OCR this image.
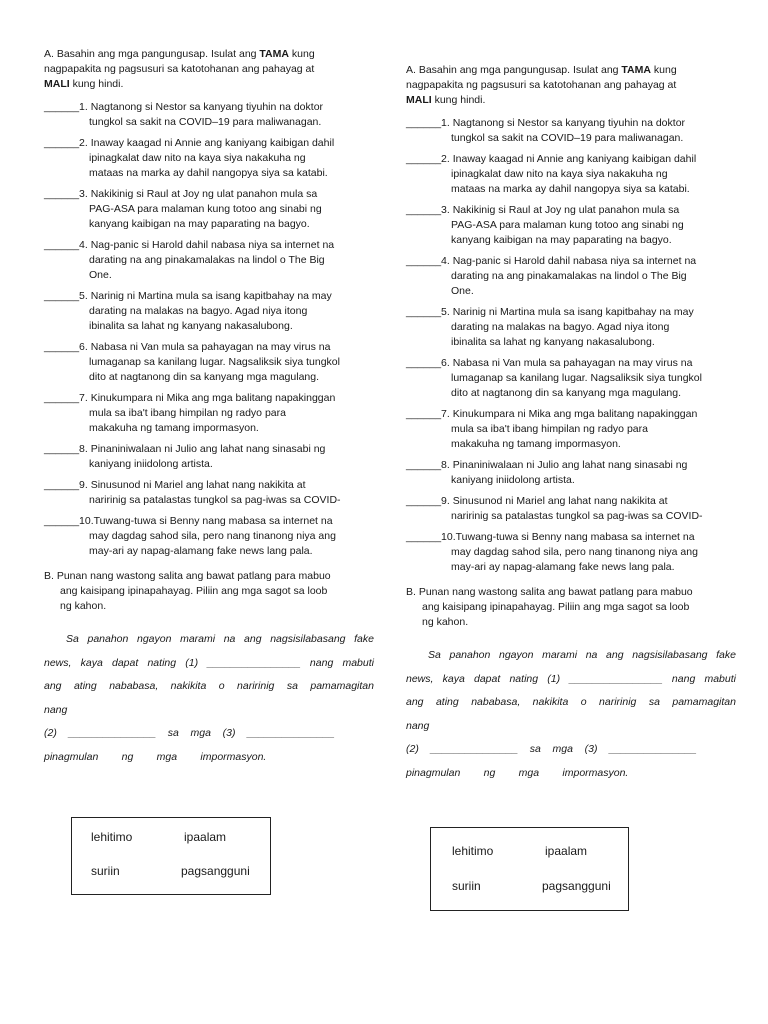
A. Basahin ang mga pangungusap. Isulat ang TAMA kung
nagpapakita ng pagsusuri sa katotohanan ang pahayag at
MALI kung hindi.
______1. Nagtanong si Nestor sa kanyang tiyuhin na doktor
tungkol sa sakit na COVID–19 para maliwanagan.
______2. Inaway kaagad ni Annie ang kaniyang kaibigan dahil
ipinagkalat daw nito na kaya siya nakakuha ng
mataas na marka ay dahil nangopya siya sa katabi.
______3. Nakikinig si Raul at Joy ng ulat panahon mula sa
PAG-ASA para malaman kung totoo ang sinabi ng
kanyang kaibigan na may paparating na bagyo.
______4. Nag-panic si Harold dahil nabasa niya sa internet na
darating na ang pinakamalakas na lindol o The Big
One.
______5. Narinig ni Martina mula sa isang kapitbahay na may
darating na malakas na bagyo. Agad niya itong
ibinalita sa lahat ng kanyang nakasalubong.
______6. Nabasa ni Van mula sa pahayagan na may virus na
lumaganap sa kanilang lugar. Nagsaliksik siya tungkol
dito at nagtanong din sa kanyang mga magulang.
______7. Kinukumpara ni Mika ang mga balitang napakinggan
mula sa iba't ibang himpilan ng radyo para
makakuha ng tamang impormasyon.
______8. Pinaniniwalaan ni Julio ang lahat nang sinasabi ng
kaniyang iniidolong artista.
______9. Sinusunod ni Mariel ang lahat nang nakikita at
naririnig sa patalastas tungkol sa pag-iwas sa COVID-
______10.Tuwang-tuwa si Benny nang mabasa sa internet na
may dagdag sahod sila, pero nang tinanong niya ang
may-ari ay napag-alamang fake news lang pala.
B. Punan nang wastong salita ang bawat patlang para mabuo
ang kaisipang ipinapahayag. Piliin ang mga sagot sa loob
ng kahon.

Sa panahon ngayon marami na ang nagsisilabasang fake

news, kaya dapat nating (1) ________________ nang mabuti

ang ating nababasa, nakikita o naririnig sa pamamagitan

nang

(2)    _______________    sa    mga    (3)    _______________

pinagmulan        ng        mga        impormasyon.

lehitimo	ipaalam
suriin	pagsangguni
A. Basahin ang mga pangungusap. Isulat ang TAMA kung
nagpapakita ng pagsusuri sa katotohanan ang pahayag at
MALI kung hindi.
______1. Nagtanong si Nestor sa kanyang tiyuhin na doktor
tungkol sa sakit na COVID–19 para maliwanagan.
______2. Inaway kaagad ni Annie ang kaniyang kaibigan dahil
ipinagkalat daw nito na kaya siya nakakuha ng
mataas na marka ay dahil nangopya siya sa katabi.
______3. Nakikinig si Raul at Joy ng ulat panahon mula sa
PAG-ASA para malaman kung totoo ang sinabi ng
kanyang kaibigan na may paparating na bagyo.
______4. Nag-panic si Harold dahil nabasa niya sa internet na
darating na ang pinakamalakas na lindol o The Big
One.
______5. Narinig ni Martina mula sa isang kapitbahay na may
darating na malakas na bagyo. Agad niya itong
ibinalita sa lahat ng kanyang nakasalubong.
______6. Nabasa ni Van mula sa pahayagan na may virus na
lumaganap sa kanilang lugar. Nagsaliksik siya tungkol
dito at nagtanong din sa kanyang mga magulang.
______7. Kinukumpara ni Mika ang mga balitang napakinggan
mula sa iba't ibang himpilan ng radyo para
makakuha ng tamang impormasyon.
______8. Pinaniniwalaan ni Julio ang lahat nang sinasabi ng
kaniyang iniidolong artista.
______9. Sinusunod ni Mariel ang lahat nang nakikita at
naririnig sa patalastas tungkol sa pag-iwas sa COVID-
______10.Tuwang-tuwa si Benny nang mabasa sa internet na
may dagdag sahod sila, pero nang tinanong niya ang
may-ari ay napag-alamang fake news lang pala.
B. Punan nang wastong salita ang bawat patlang para mabuo
ang kaisipang ipinapahayag. Piliin ang mga sagot sa loob
ng kahon.

Sa panahon ngayon marami na ang nagsisilabasang fake

news, kaya dapat nating (1) ________________ nang mabuti

ang ating nababasa, nakikita o naririnig sa pamamagitan

nang

(2)    _______________    sa    mga    (3)    _______________

pinagmulan        ng        mga        impormasyon.

lehitimo	ipaalam
suriin	pagsangguni
